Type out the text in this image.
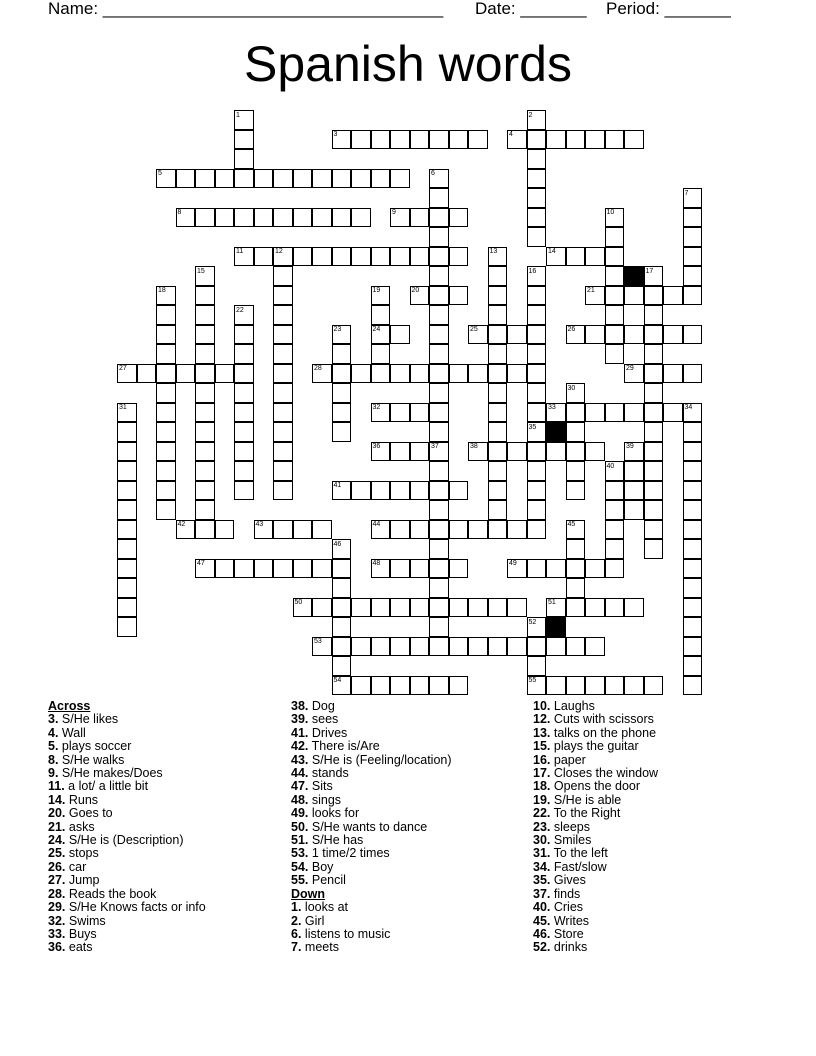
Name: ____________________________________ Date: _______ Period: _______
Spanish words
1	2
3	4
5	6
7
8	9	10
11	12	13	14
15	16	17
18	19	20	21
22
23	24	25	26
27	28	29
30
31	32	33	34
35
36	37	38	39
40
41
42	43	44	45
46
47	48	49
50	51
52
53
54	55
Across
3. S/He likes
4. Wall
5. plays soccer
8. S/He walks
9. S/He makes/Does
11. a lot/ a little bit
14. Runs
20. Goes to
21. asks
24. S/He is (Description)
25. stops
26. car
27. Jump
28. Reads the book
29. S/He Knows facts or info
32. Swims
33. Buys
36. eats
38. Dog
39. sees
41. Drives
42. There is/Are
43. S/He is (Feeling/location)
44. stands
47. Sits
48. sings
49. looks for
50. S/He wants to dance
51. S/He has
53. 1 time/2 times
54. Boy
55. Pencil
Down
1. looks at
2. Girl
6. listens to music
7. meets
10. Laughs
12. Cuts with scissors
13. talks on the phone
15. plays the guitar
16. paper
17. Closes the window
18. Opens the door
19. S/He is able
22. To the Right
23. sleeps
30. Smiles
31. To the left
34. Fast/slow
35. Gives
37. finds
40. Cries
45. Writes
46. Store
52. drinks
